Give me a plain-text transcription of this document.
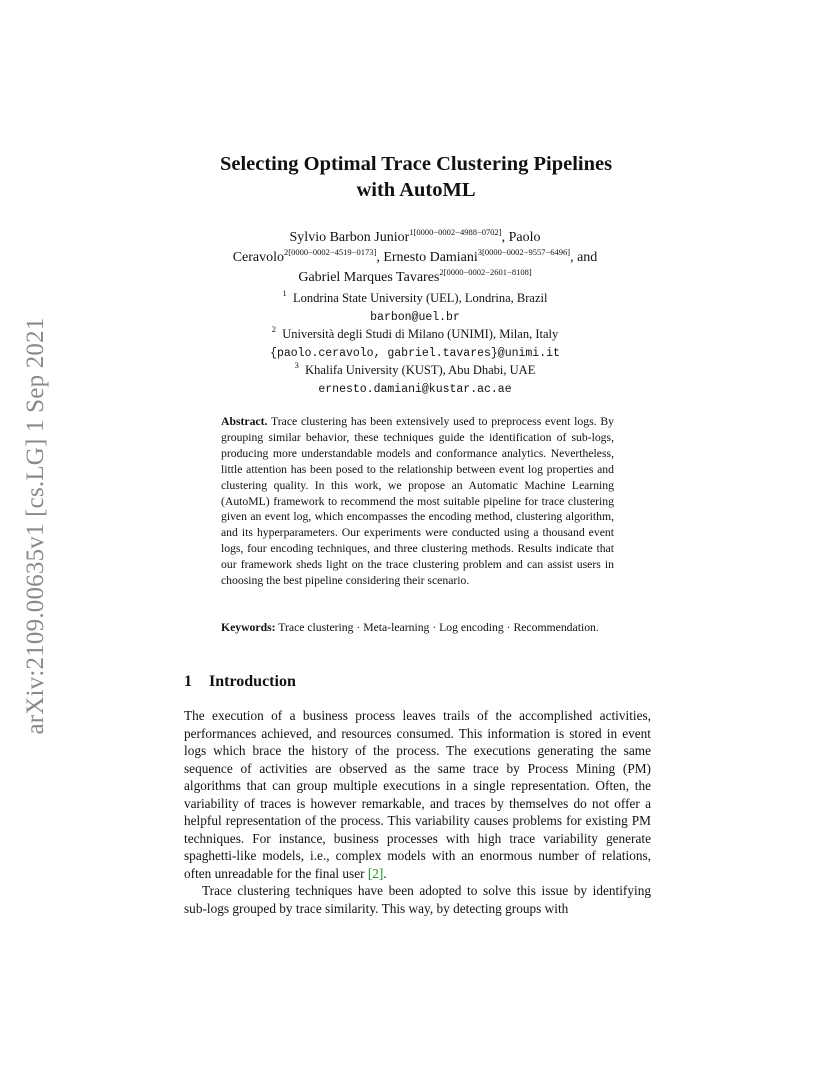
arXiv:2109.00635v1 [cs.LG] 1 Sep 2021
Selecting Optimal Trace Clustering Pipelines
with AutoML
Sylvio Barbon Junior$^{1[0000-0002-4988-0702]}$, Paolo
Ceravolo$^{2[0000-0002-4519-0173]}$, Ernesto Damiani$^{3[0000-0002-9557-6496]}$, and
Gabriel Marques Tavares$^{2[0000-0002-2601-8108]}$
$^1$ Londrina State University (UEL), Londrina, Brazil
barbon@uel.br
$^2$ Università degli Studi di Milano (UNIMI), Milan, Italy
{paolo.ceravolo, gabriel.tavares}@unimi.it
$^3$ Khalifa University (KUST), Abu Dhabi, UAE
ernesto.damiani@kustar.ac.ae

Abstract. Trace clustering has been extensively used to preprocess event logs. By grouping similar behavior, these techniques guide the identification of sub-logs, producing more understandable models and conformance analytics. Nevertheless, little attention has been posed to the relationship between event log properties and clustering quality. In this work, we propose an Automatic Machine Learning (AutoML) framework to recommend the most suitable pipeline for trace clustering given an event log, which encompasses the encoding method, clustering algorithm, and its hyperparameters. Our experiments were conducted using a thousand event logs, four encoding techniques, and three clustering methods. Results indicate that our framework sheds light on the trace clustering problem and can assist users in choosing the best pipeline considering their scenario.

Keywords: Trace clustering · Meta-learning · Log encoding · Recommendation.

1 Introduction

The execution of a business process leaves trails of the accomplished activities, performances achieved, and resources consumed. This information is stored in event logs which brace the history of the process. The executions generating the same sequence of activities are observed as the same trace by Process Mining (PM) algorithms that can group multiple executions in a single representation. Often, the variability of traces is however remarkable, and traces by themselves do not offer a helpful representation of the process. This variability causes problems for existing PM techniques. For instance, business processes with high trace variability generate spaghetti-like models, i.e., complex models with an enormous number of relations, often unreadable for the final user [2].

Trace clustering techniques have been adopted to solve this issue by identifying sub-logs grouped by trace similarity. This way, by detecting groups with
